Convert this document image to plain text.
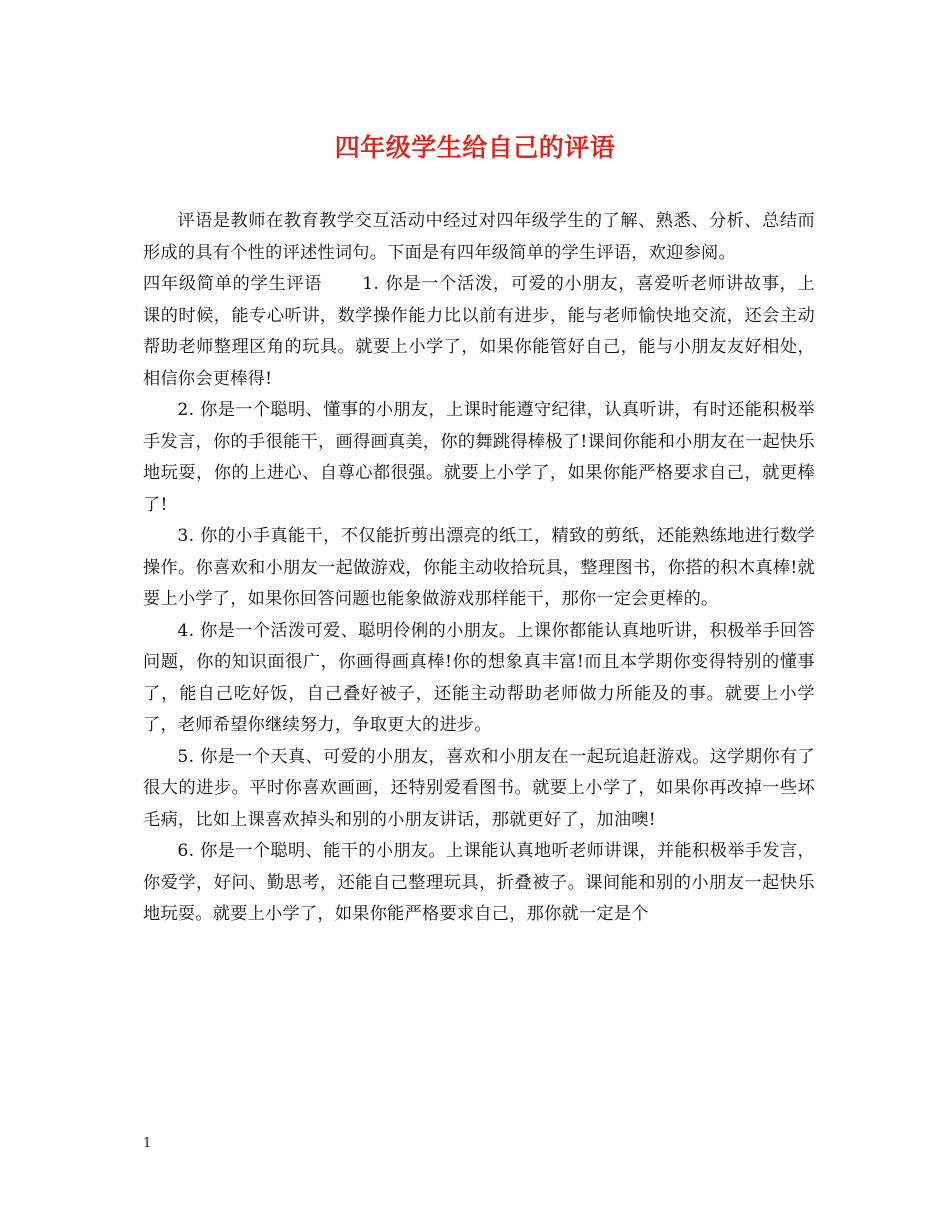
四年级学生给自己的评语

评语是教师在教育教学交互活动中经过对四年级学生的了解、熟悉、分析、总结而形成的具有个性的评述性词句。下面是有四年级简单的学生评语，欢迎参阅。

四年级简单的学生评语 1. 你是一个活泼，可爱的小朋友，喜爱听老师讲故事，上课的时候，能专心听讲，数学操作能力比以前有进步，能与老师愉快地交流，还会主动帮助老师整理区角的玩具。就要上小学了，如果你能管好自己，能与小朋友友好相处，相信你会更棒得!

2. 你是一个聪明、懂事的小朋友，上课时能遵守纪律，认真听讲，有时还能积极举手发言，你的手很能干，画得画真美，你的舞跳得棒极了!课间你能和小朋友在一起快乐地玩耍，你的上进心、自尊心都很强。就要上小学了，如果你能严格要求自己，就更棒了!

3. 你的小手真能干，不仅能折剪出漂亮的纸工，精致的剪纸，还能熟练地进行数学操作。你喜欢和小朋友一起做游戏，你能主动收拾玩具，整理图书，你搭的积木真棒!就要上小学了，如果你回答问题也能象做游戏那样能干，那你一定会更棒的。

4. 你是一个活泼可爱、聪明伶俐的小朋友。上课你都能认真地听讲，积极举手回答问题，你的知识面很广，你画得画真棒!你的想象真丰富!而且本学期你变得特别的懂事了，能自己吃好饭，自己叠好被子，还能主动帮助老师做力所能及的事。就要上小学了，老师希望你继续努力，争取更大的进步。

5. 你是一个天真、可爱的小朋友，喜欢和小朋友在一起玩追赶游戏。这学期你有了很大的进步。平时你喜欢画画，还特别爱看图书。就要上小学了，如果你再改掉一些坏毛病，比如上课喜欢掉头和别的小朋友讲话，那就更好了，加油噢!

6. 你是一个聪明、能干的小朋友。上课能认真地听老师讲课，并能积极举手发言，你爱学，好问、勤思考，还能自己整理玩具，折叠被子。课间能和别的小朋友一起快乐地玩耍。就要上小学了，如果你能严格要求自己，那你就一定是个

1
